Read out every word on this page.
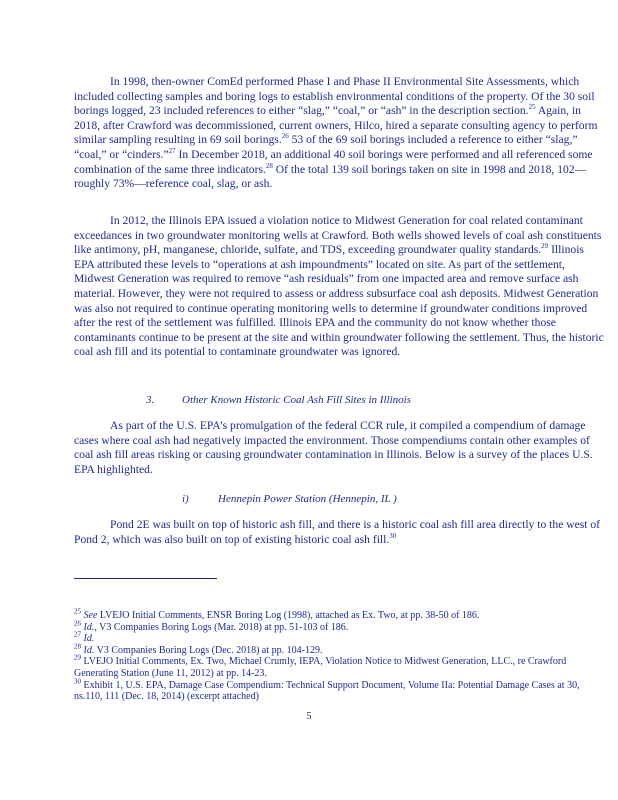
In 1998, then-owner ComEd performed Phase I and Phase II Environmental Site Assessments, which included collecting samples and boring logs to establish environmental conditions of the property. Of the 30 soil borings logged, 23 included references to either “slag,” “coal,” or “ash” in the description section.$^{25}$ Again, in 2018, after Crawford was decommissioned, current owners, Hilco, hired a separate consulting agency to perform similar sampling resulting in 69 soil borings.$^{26}$ 53 of the 69 soil borings included a reference to either “slag,” “coal,” or “cinders.”$^{27}$ In December 2018, an additional 40 soil borings were performed and all referenced some combination of the same three indicators.$^{28}$ Of the total 139 soil borings taken on site in 1998 and 2018, 102—roughly 73%—reference coal, slag, or ash.

In 2012, the Illinois EPA issued a violation notice to Midwest Generation for coal related contaminant exceedances in two groundwater monitoring wells at Crawford. Both wells showed levels of coal ash constituents like antimony, pH, manganese, chloride, sulfate, and TDS, exceeding groundwater quality standards.$^{29}$ Illinois EPA attributed these levels to “operations at ash impoundments” located on site. As part of the settlement, Midwest Generation was required to remove “ash residuals” from one impacted area and remove surface ash material. However, they were not required to assess or address subsurface coal ash deposits. Midwest Generation was also not required to continue operating monitoring wells to determine if groundwater conditions improved after the rest of the settlement was fulfilled. Illinois EPA and the community do not know whether those contaminants continue to be present at the site and within groundwater following the settlement. Thus, the historic coal ash fill and its potential to contaminate groundwater was ignored.

3.	Other Known Historic Coal Ash Fill Sites in Illinois

As part of the U.S. EPA’s promulgation of the federal CCR rule, it compiled a compendium of damage cases where coal ash had negatively impacted the environment. Those compendiums contain other examples of coal ash fill areas risking or causing groundwater contamination in Illinois. Below is a survey of the places U.S. EPA highlighted.

i)	Hennepin Power Station (Hennepin, IL )

Pond 2E was built on top of historic ash fill, and there is a historic coal ash fill area directly to the west of Pond 2, which was also built on top of existing historic coal ash fill.$^{30}$

$^{25}$ See LVEJO Initial Comments, ENSR Boring Log (1998), attached as Ex. Two, at pp. 38-50 of 186.

$^{26}$ Id., V3 Companies Boring Logs (Mar. 2018) at pp. 51-103 of 186.

$^{27}$ Id.

$^{28}$ Id. V3 Companies Boring Logs (Dec. 2018) at pp. 104-129.

$^{29}$ LVEJO Initial Comments, Ex. Two, Michael Crumly, IEPA, Violation Notice to Midwest Generation, LLC., re Crawford Generating Station (June 11, 2012) at pp. 14-23.

$^{30}$ Exhibit 1, U.S. EPA, Damage Case Compendium: Technical Support Document, Volume IIa: Potential Damage Cases at 30, ns.110, 111 (Dec. 18, 2014) (excerpt attached)

5
